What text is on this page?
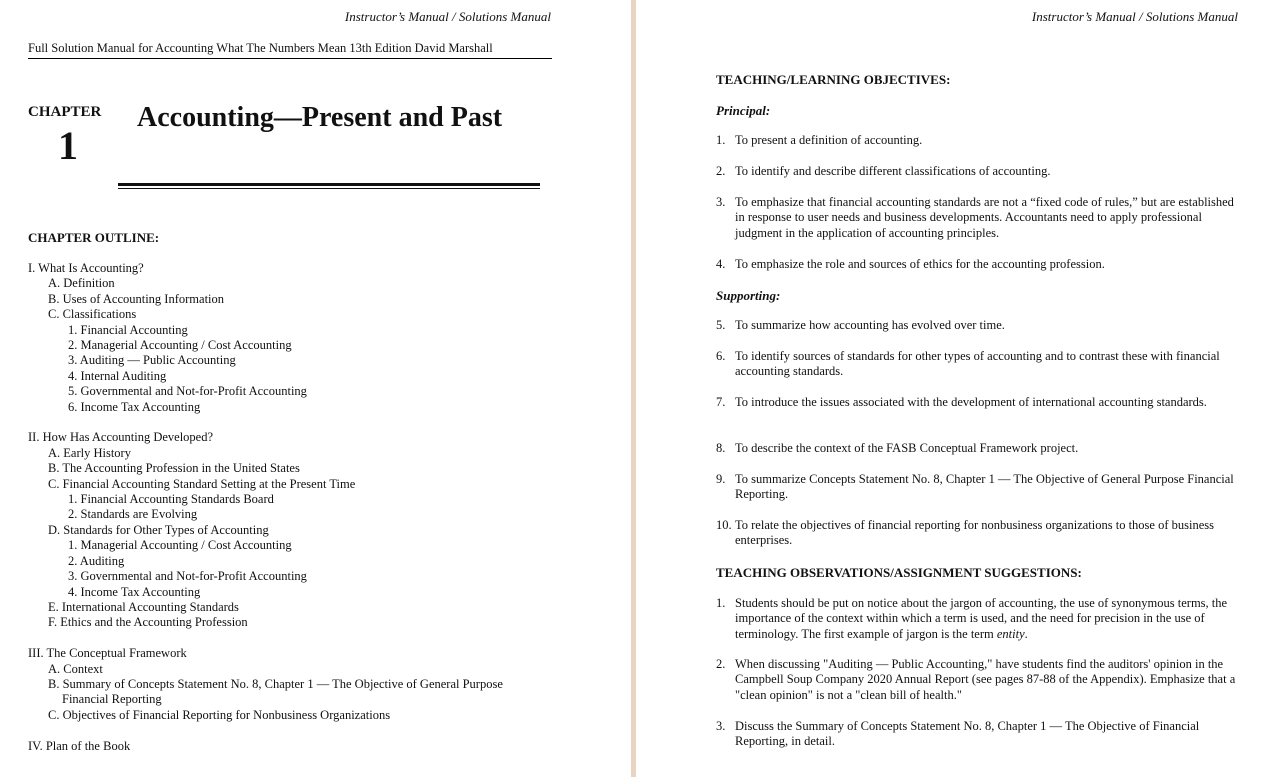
Instructor’s Manual / Solutions Manual
Full Solution Manual for Accounting What The Numbers Mean 13th Edition David Marshall
CHAPTER
1
Accounting—Present and Past
CHAPTER OUTLINE:
I. What Is Accounting?
A. Definition
B. Uses of Accounting Information
C. Classifications
1. Financial Accounting
2. Managerial Accounting / Cost Accounting
3. Auditing — Public Accounting
4. Internal Auditing
5. Governmental and Not-for-Profit Accounting
6. Income Tax Accounting
II. How Has Accounting Developed?
A. Early History
B. The Accounting Profession in the United States
C. Financial Accounting Standard Setting at the Present Time
1. Financial Accounting Standards Board
2. Standards are Evolving
D. Standards for Other Types of Accounting
1. Managerial Accounting / Cost Accounting
2. Auditing
3. Governmental and Not-for-Profit Accounting
4. Income Tax Accounting
E. International Accounting Standards
F. Ethics and the Accounting Profession
III. The Conceptual Framework
A. Context
B. Summary of Concepts Statement No. 8, Chapter 1 — The Objective of General Purpose
Financial Reporting
C. Objectives of Financial Reporting for Nonbusiness Organizations
IV. Plan of the Book
Instructor’s Manual / Solutions Manual
TEACHING/LEARNING OBJECTIVES:
Principal:
1. To present a definition of accounting.
2. To identify and describe different classifications of accounting.
3. To emphasize that financial accounting standards are not a “fixed code of rules,” but are established in response to user needs and business developments. Accountants need to apply professional judgment in the application of accounting principles.
4. To emphasize the role and sources of ethics for the accounting profession.
Supporting:
5. To summarize how accounting has evolved over time.
6. To identify sources of standards for other types of accounting and to contrast these with financial accounting standards.
7. To introduce the issues associated with the development of international accounting standards.
8. To describe the context of the FASB Conceptual Framework project.
9. To summarize Concepts Statement No. 8, Chapter 1 — The Objective of General Purpose Financial Reporting.
10. To relate the objectives of financial reporting for nonbusiness organizations to those of business enterprises.
TEACHING OBSERVATIONS/ASSIGNMENT SUGGESTIONS:
1. Students should be put on notice about the jargon of accounting, the use of synonymous terms, the importance of the context within which a term is used, and the need for precision in the use of terminology. The first example of jargon is the term entity.
2. When discussing "Auditing — Public Accounting," have students find the auditors' opinion in the Campbell Soup Company 2020 Annual Report (see pages 87-88 of the Appendix). Emphasize that a "clean opinion" is not a "clean bill of health."
3. Discuss the Summary of Concepts Statement No. 8, Chapter 1 — The Objective of Financial Reporting, in detail.
